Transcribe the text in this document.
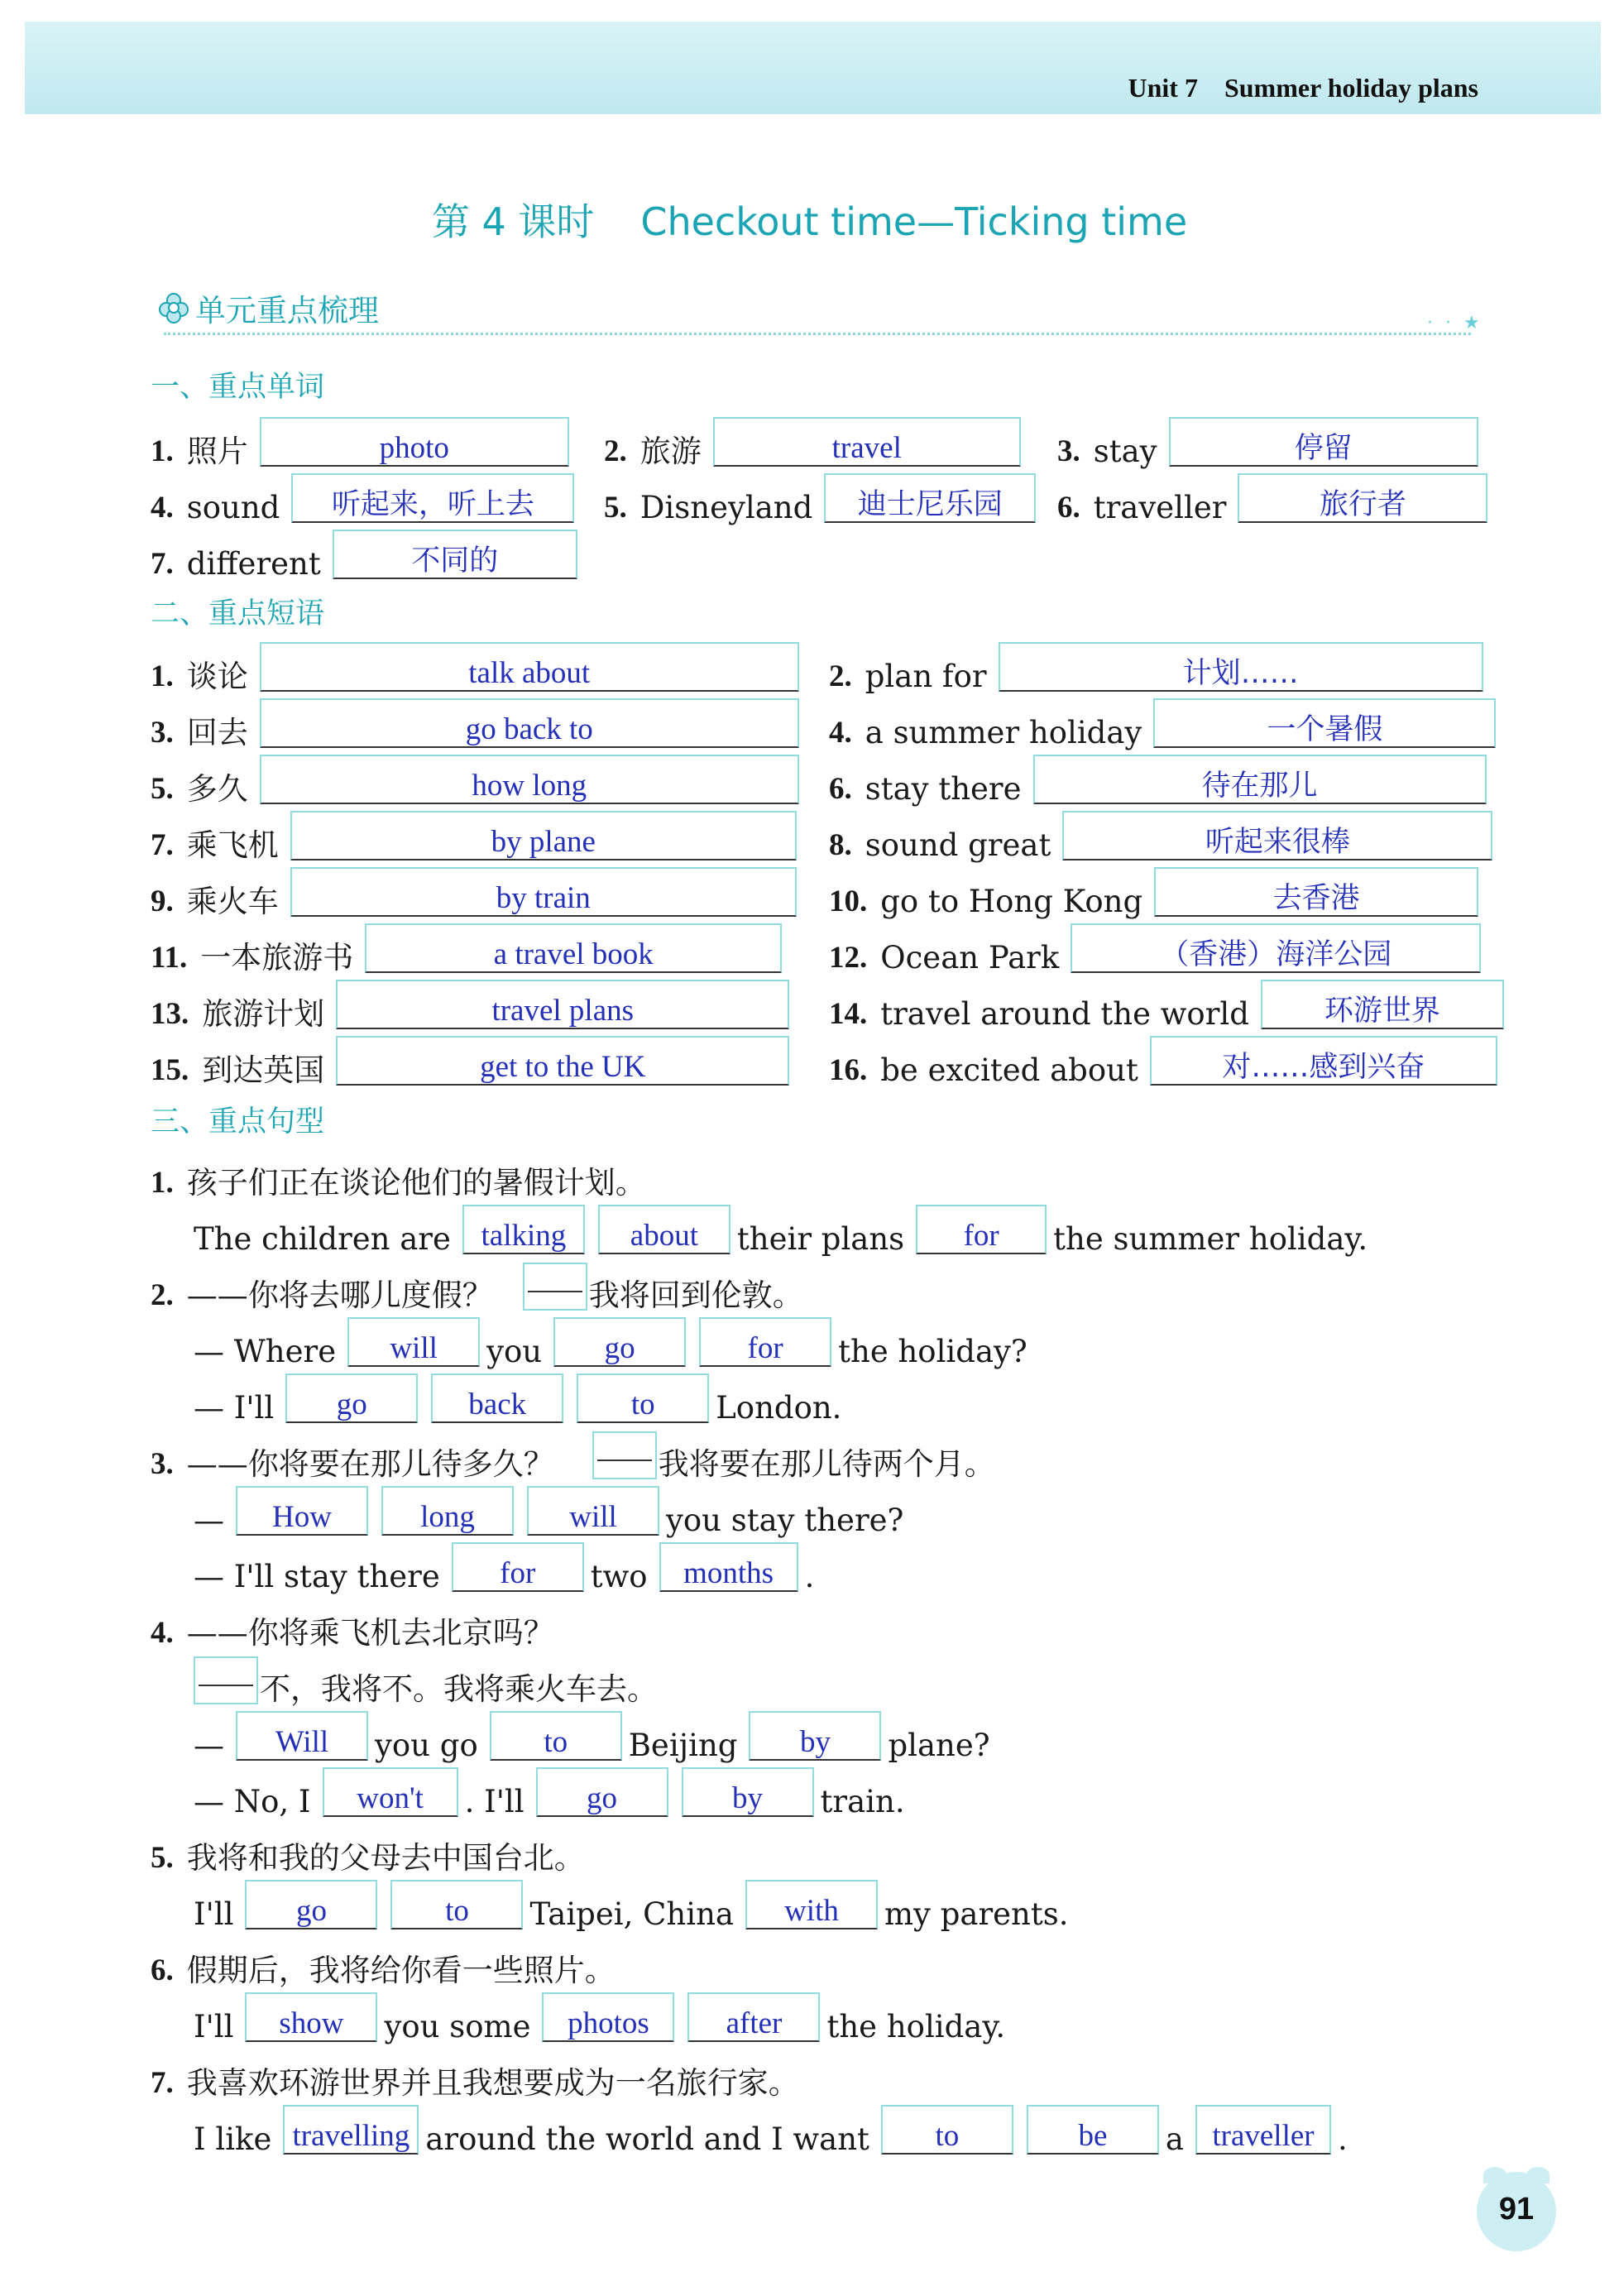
Unit 7 Summer holiday plans
第 4 课时 Checkout time—Ticking time
单元重点梳理	· · ★
一、重点单词
1. 照片	photo	2. 旅游	travel	3. stay	停留
4. sound	听起来，听上去	5. Disneyland	迪士尼乐园	6. traveller	旅行者
7. different	不同的
二、重点短语
1. 谈论	talk about	2. plan for	计划……
3. 回去	go back to	4. a summer holiday	一个暑假
5. 多久	how long	6. stay there	待在那儿
7. 乘飞机	by plane	8. sound great	听起来很棒
9. 乘火车	by train	10. go to Hong Kong	去香港
11. 一本旅游书	a travel book	12. Ocean Park	（香港）海洋公园
13. 旅游计划	travel plans	14. travel around the world	环游世界
15. 到达英国	get to the UK	16. be excited about	对……感到兴奋
三、重点句型
1. 孩子们正在谈论他们的暑假计划。
The children are talking	about	their plans	for	the summer holiday.
2. ——你将去哪儿度假？	我将回到伦敦。
— Where	will	you	go	for	the holiday?
— I'll	go	back	to	London.
3. ——你将要在那儿待多久？	我将要在那儿待两个月。
—	How	long	will	you stay there?
— I'll stay there	for	two	months	.
4. ——你将乘飞机去北京吗？
不，我将不。我将乘火车去。
—	Will	you go	to	Beijing	by	plane?
— No, I	won't	. I'll	go	by	train.
5. 我将和我的父母去中国台北。
I'll	go	to	Taipei, China	with	my parents.
6. 假期后，我将给你看一些照片。
I'll	show	you some	photos	after	the holiday.
7. 我喜欢环游世界并且我想要成为一名旅行家。
I like travelling around the world and I want	to	be	a traveller .
91
